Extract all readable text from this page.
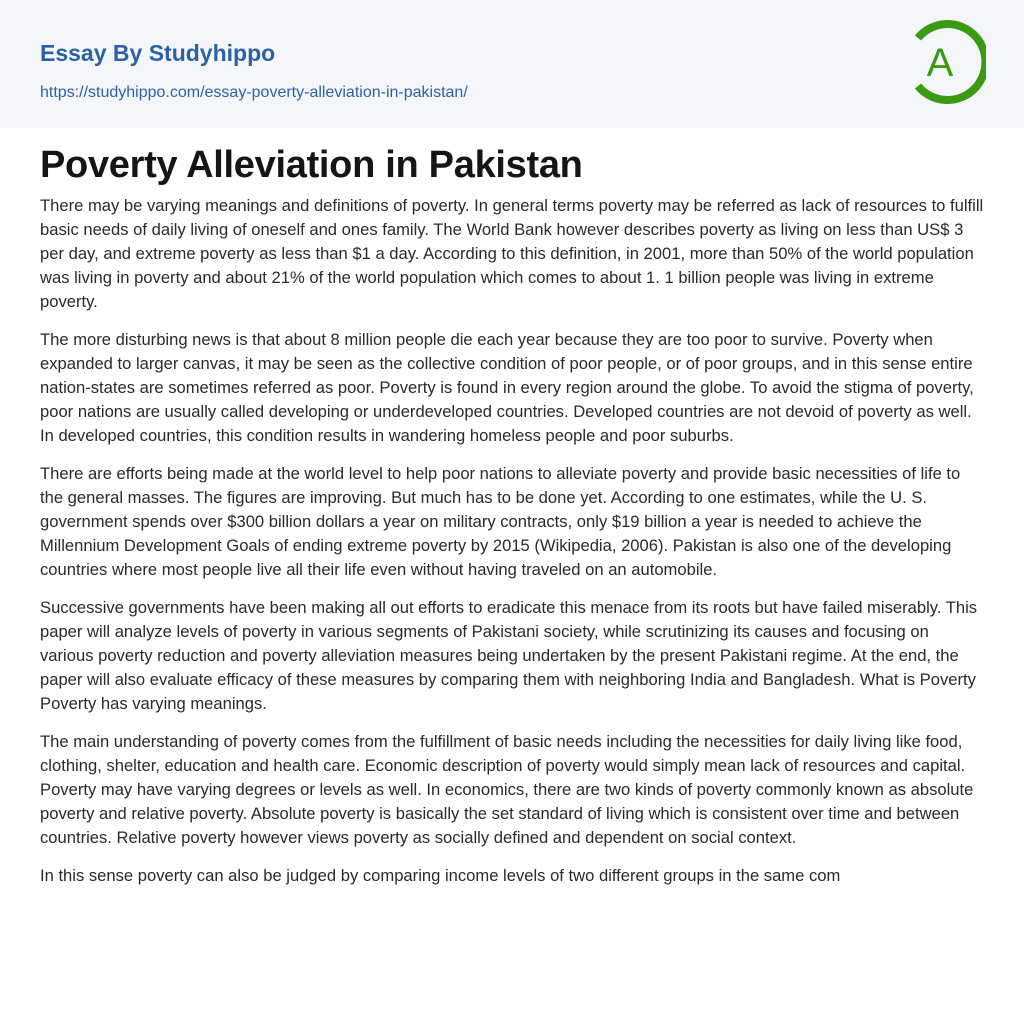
Essay By Studyhippo
https://studyhippo.com/essay-poverty-alleviation-in-pakistan/
A
Poverty Alleviation in Pakistan

There may be varying meanings and definitions of poverty. In general terms poverty may be referred as lack of resources to fulfill basic needs of daily living of oneself and ones family. The World Bank however describes poverty as living on less than US$ 3 per day, and extreme poverty as less than $1 a day. According to this definition, in 2001, more than 50% of the world population was living in poverty and about 21% of the world population which comes to about 1. 1 billion people was living in extreme poverty.

The more disturbing news is that about 8 million people die each year because they are too poor to survive. Poverty when expanded to larger canvas, it may be seen as the collective condition of poor people, or of poor groups, and in this sense entire nation-states are sometimes referred as poor. Poverty is found in every region around the globe. To avoid the stigma of poverty, poor nations are usually called developing or underdeveloped countries. Developed countries are not devoid of poverty as well. In developed countries, this condition results in wandering homeless people and poor suburbs.

There are efforts being made at the world level to help poor nations to alleviate poverty and provide basic necessities of life to the general masses. The figures are improving. But much has to be done yet. According to one estimates, while the U. S. government spends over $300 billion dollars a year on military contracts, only $19 billion a year is needed to achieve the Millennium Development Goals of ending extreme poverty by 2015 (Wikipedia, 2006). Pakistan is also one of the developing countries where most people live all their life even without having traveled on an automobile.

Successive governments have been making all out efforts to eradicate this menace from its roots but have failed miserably. This paper will analyze levels of poverty in various segments of Pakistani society, while scrutinizing its causes and focusing on various poverty reduction and poverty alleviation measures being undertaken by the present Pakistani regime. At the end, the paper will also evaluate efficacy of these measures by comparing them with neighboring India and Bangladesh. What is Poverty Poverty has varying meanings.

The main understanding of poverty comes from the fulfillment of basic needs including the necessities for daily living like food, clothing, shelter, education and health care. Economic description of poverty would simply mean lack of resources and capital. Poverty may have varying degrees or levels as well. In economics, there are two kinds of poverty commonly known as absolute poverty and relative poverty. Absolute poverty is basically the set standard of living which is consistent over time and between countries. Relative poverty however views poverty as socially defined and dependent on social context.

In this sense poverty can also be judged by comparing income levels of two different groups in the same com
